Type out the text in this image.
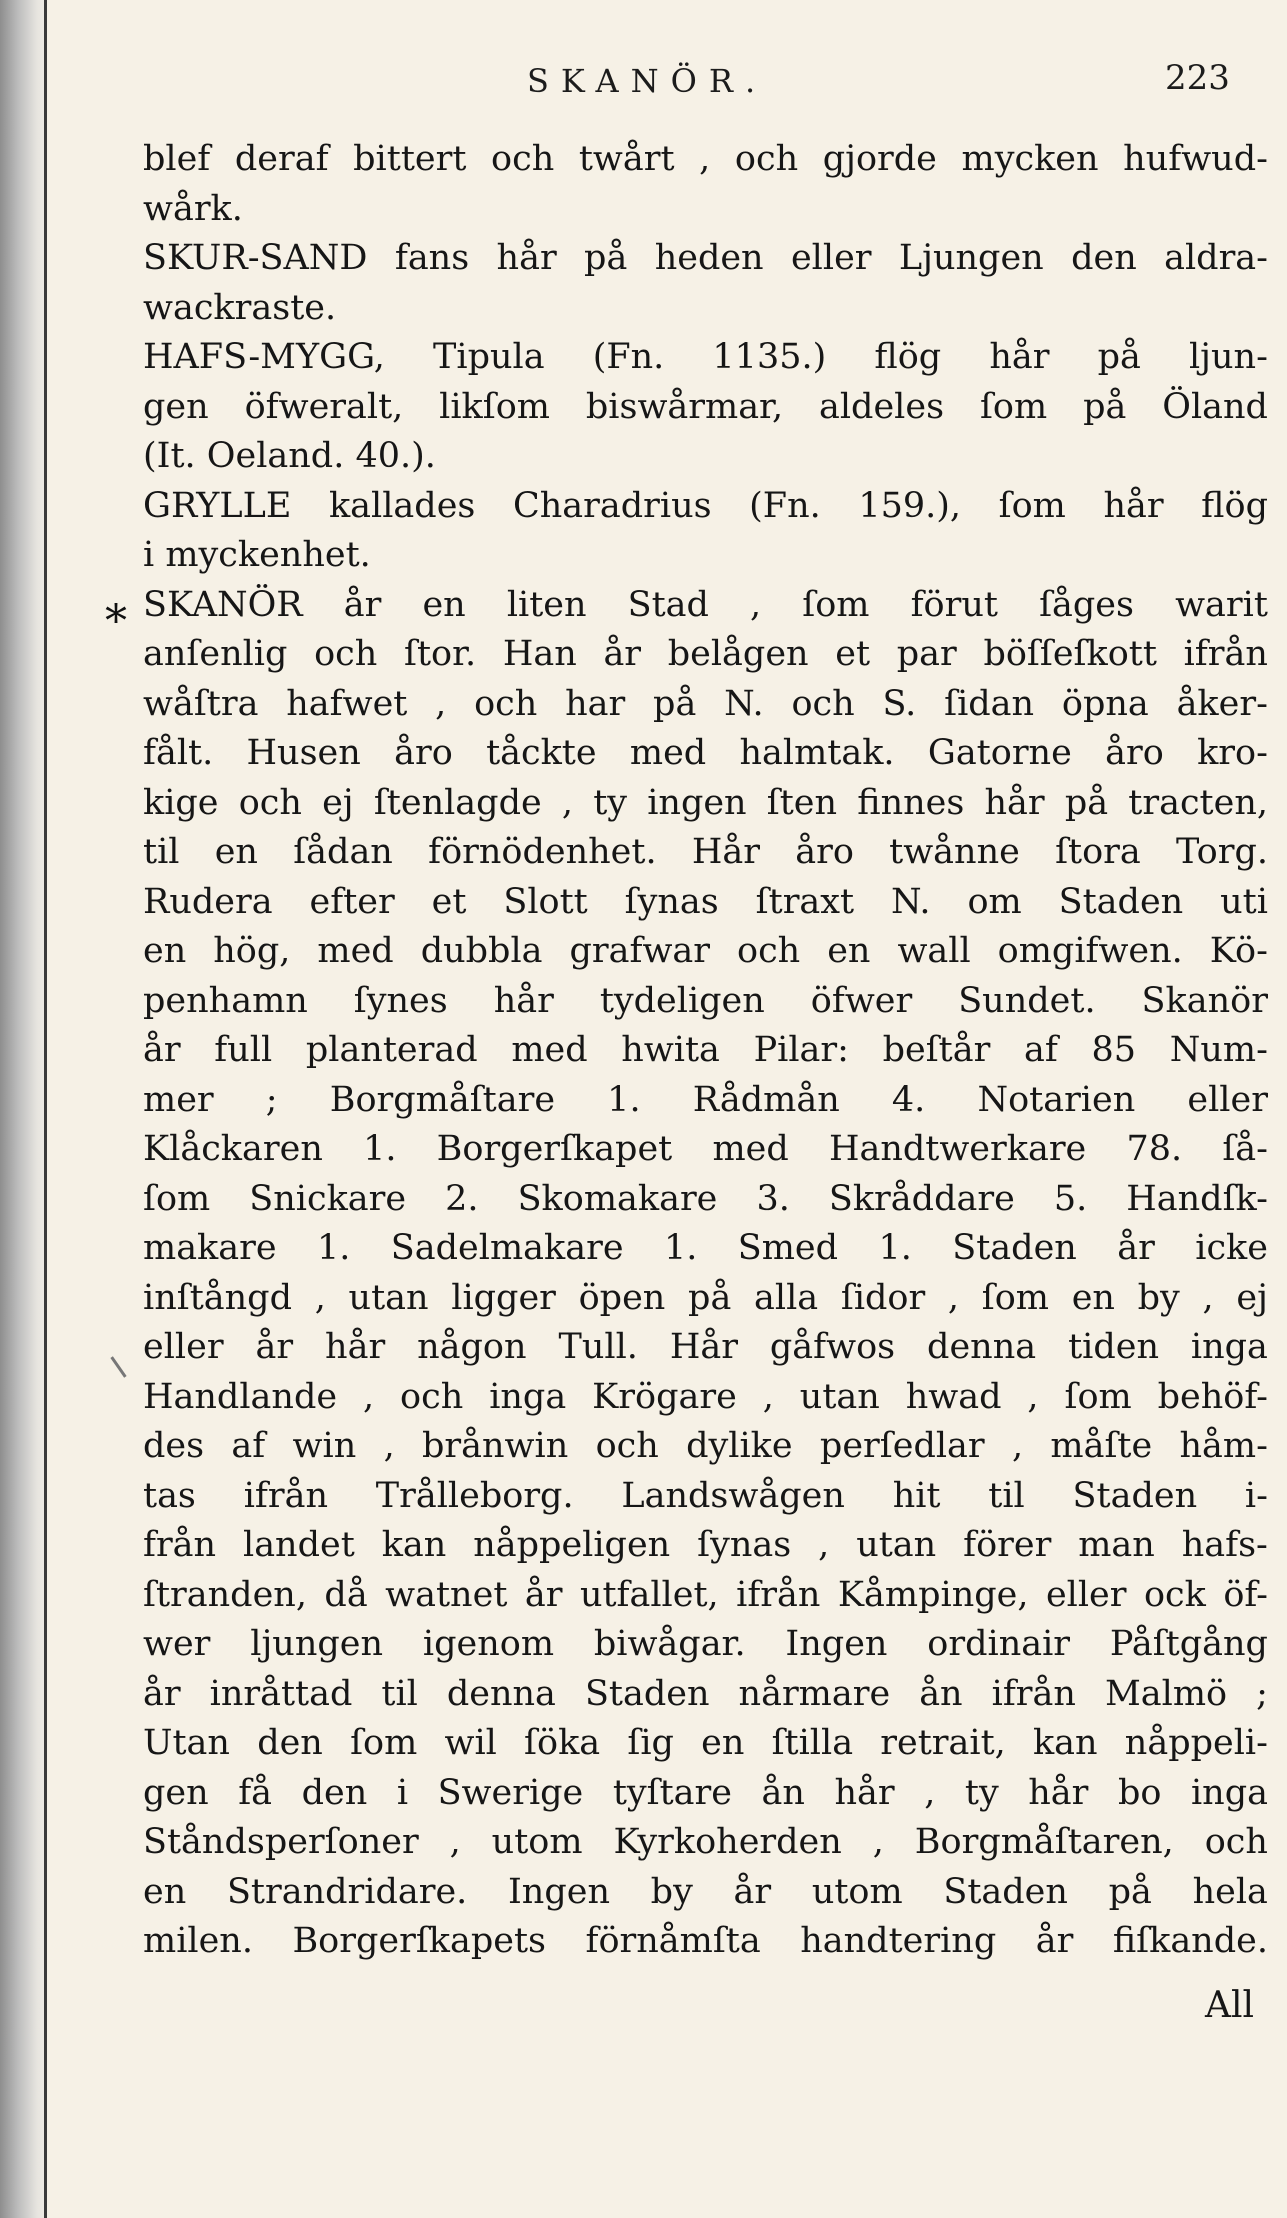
SKANÖR.	223
blef deraf bittert och twårt , och gjorde mycken hufwud-
wårk.
SKUR-SAND fans hår på heden eller Ljungen den aldra-
wackraste.
HAFS-MYGG, Tipula (Fn. 1135.) flög hår på ljun-
gen öfweralt, likſom biswårmar, aldeles ſom på Öland
(It. Oeland. 40.).
GRYLLE kallades Charadrius (Fn. 159.), ſom hår flög
i myckenhet.
SKANÖR år en liten Stad , ſom förut ſåges warit
anſenlig och ſtor. Han år belågen et par böſſeſkott ifrån
wåſtra hafwet , och har på N. och S. ſidan öpna åker-
fålt. Husen åro tåckte med halmtak. Gatorne åro kro-
kige och ej ſtenlagde , ty ingen ſten finnes hår på tracten,
til en ſådan förnödenhet. Hår åro twånne ſtora Torg.
Rudera efter et Slott ſynas ſtraxt N. om Staden uti
en hög, med dubbla grafwar och en wall omgifwen. Kö-
penhamn ſynes hår tydeligen öfwer Sundet. Skanör
år full planterad med hwita Pilar: beſtår af 85 Num-
mer ; Borgmåſtare 1. Rådmån 4. Notarien eller
Klåckaren 1. Borgerſkapet med Handtwerkare 78. ſå-
ſom Snickare 2. Skomakare 3. Skråddare 5. Handſk-
makare 1. Sadelmakare 1. Smed 1. Staden år icke
inſtångd , utan ligger öpen på alla ſidor , ſom en by , ej
eller år hår någon Tull. Hår gåfwos denna tiden inga
Handlande , och inga Krögare , utan hwad , ſom behöf-
des af win , brånwin och dylike perſedlar , måſte håm-
tas ifrån Trålleborg. Landswågen hit til Staden i-
från landet kan nåppeligen ſynas , utan förer man hafs-
ſtranden, då watnet år utfallet, ifrån Kåmpinge, eller ock öf-
wer ljungen igenom biwågar. Ingen ordinair Påſtgång
år inråttad til denna Staden nårmare ån ifrån Malmö ;
Utan den ſom wil ſöka ſig en ſtilla retrait, kan nåppeli-
gen få den i Swerige tyſtare ån hår , ty hår bo inga
Ståndsperſoner , utom Kyrkoherden , Borgmåſtaren, och
en Strandridare. Ingen by år utom Staden på hela
milen. Borgerſkapets förnåmſta handtering år fiſkande.
*
All
